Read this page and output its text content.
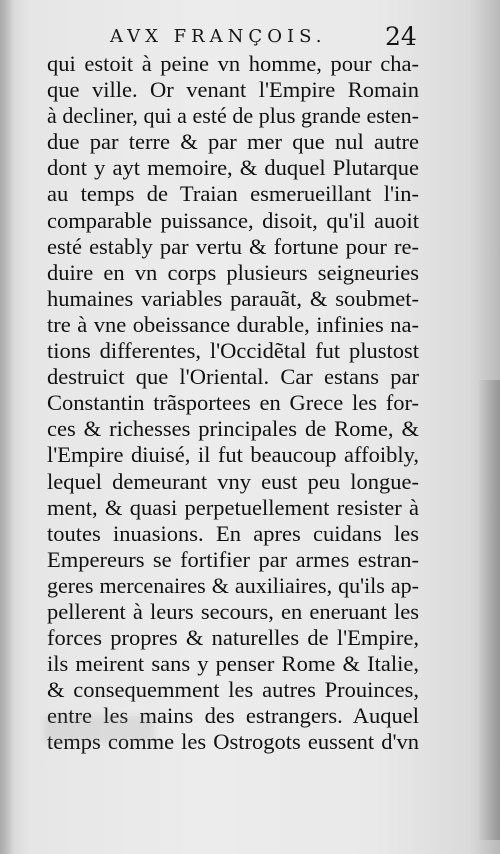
AVX FRANÇOIS. 24
qui estoit à peine vn homme, pour cha-
que ville. Or venant l'Empire Romain
à decliner, qui a esté de plus grande esten-
due par terre & par mer que nul autre
dont y ayt memoire, & duquel Plutarque
au temps de Traian esmerueillant l'in-
comparable puissance, disoit, qu'il auoit
esté estably par vertu & fortune pour re-
duire en vn corps plusieurs seigneuries
humaines variables parauãt, & soubmet-
tre à vne obeissance durable, infinies na-
tions differentes, l'Occidẽtal fut plustost
destruict que l'Oriental. Car estans par
Constantin trãsportees en Grece les for-
ces & richesses principales de Rome, &
l'Empire diuisé, il fut beaucoup affoibly,
lequel demeurant vny eust peu longue-
ment, & quasi perpetuellement resister à
toutes inuasions. En apres cuidans les
Empereurs se fortifier par armes estran-
geres mercenaires & auxiliaires, qu'ils ap-
pellerent à leurs secours, en eneruant les
forces propres & naturelles de l'Empire,
ils meirent sans y penser Rome & Italie,
& consequemment les autres Prouinces,
entre les mains des estrangers. Auquel
temps comme les Ostrogots eussent d'vn
